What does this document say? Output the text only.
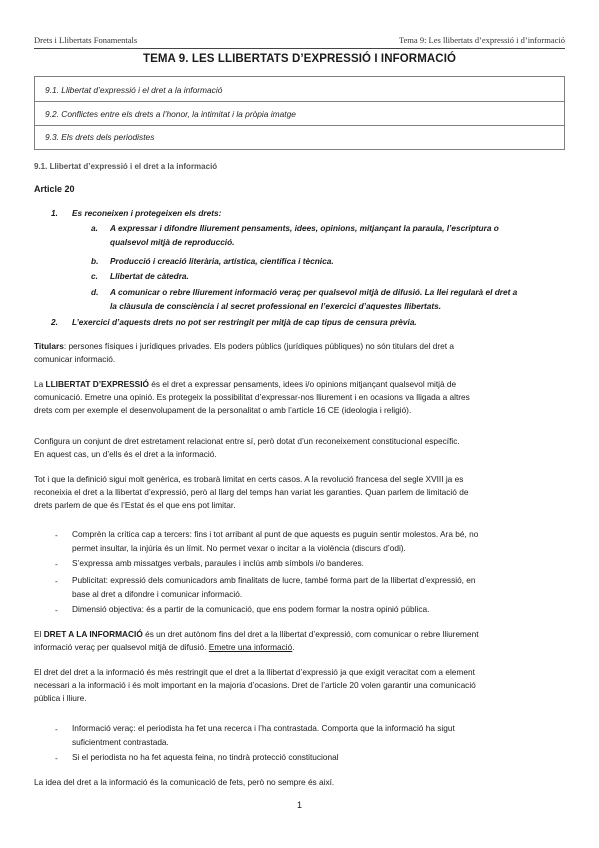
Drets i Llibertats Fonamentals	Tema 9: Les llibertats d’expressió i d’informació
TEMA 9. LES LLIBERTATS D’EXPRESSIÓ I INFORMACIÓ
9.1. Llibertat d’expressió i el dret a la informació
9.2. Conflictes entre els drets a l’honor, la intimitat i la pròpia imatge
9.3. Els drets dels periodistes
9.1. Llibertat d’expressió i el dret a la informació
Article 20
1. Es reconeixen i protegeixen els drets:
a. A expressar i difondre lliurement pensaments, idees, opinions, mitjançant la paraula, l’escriptura o
qualsevol mitjà de reproducció.
b. Producció i creació literària, artística, científica i tècnica.
c. Llibertat de càtedra.
d. A comunicar o rebre lliurement informació veraç per qualsevol mitjà de difusió. La llei regularà el dret a
la clàusula de consciència i al secret professional en l’exercici d’aquestes llibertats.
2. L’exercici d’aquests drets no pot ser restringit per mitjà de cap tipus de censura prèvia.
Titulars: persones físiques i jurídiques privades. Els poders públics (jurídiques públiques) no són titulars del dret a
comunicar informació.
La LLIBERTAT D’EXPRESSIÓ és el dret a expressar pensaments, idees i/o opinions mitjançant qualsevol mitjà de
comunicació. Emetre una opinió. Es protegeix la possibilitat d’expressar-nos lliurement i en ocasions va lligada a altres
drets com per exemple el desenvolupament de la personalitat o amb l’article 16 CE (ideologia i religió).
Configura un conjunt de dret estretament relacionat entre sí, però dotat d’un reconeixement constitucional específic.
En aquest cas, un d’ells és el dret a la informació.
Tot i que la definició sigui molt genèrica, es trobarà limitat en certs casos. A la revolució francesa del segle XVIII ja es
reconeixia el dret a la llibertat d’expressió, però al llarg del temps han variat les garanties. Quan parlem de limitació de
drets parlem de que és l’Estat és el que ens pot limitar.
- Comprèn la crítica cap a tercers: fins i tot arribant al punt de que aquests es puguin sentir molestos. Ara bé, no
permet insultar, la injúria és un límit. No permet vexar o incitar a la violència (discurs d’odi).
- S’expressa amb missatges verbals, paraules i inclús amb símbols i/o banderes.
- Publicitat: expressió dels comunicadors amb finalitats de lucre, també forma part de la llibertat d’expressió, en
base al dret a difondre i comunicar informació.
- Dimensió objectiva: és a partir de la comunicació, que ens podem formar la nostra opinió pública.
El DRET A LA INFORMACIÓ és un dret autònom fins del dret a la llibertat d’expressió, com comunicar o rebre lliurement
informació veraç per qualsevol mitjà de difusió. Emetre una informació.
El dret del dret a la informació és més restringit que el dret a la llibertat d’expressió ja que exigit veracitat com a element
necessari a la informació i és molt important en la majoria d’ocasions. Dret de l’article 20 volen garantir una comunicació
pública i lliure.
- Informació veraç: el periodista ha fet una recerca i l’ha contrastada. Comporta que la informació ha sigut
suficientment contrastada.
- Si el periodista no ha fet aquesta feina, no tindrà protecció constitucional
La idea del dret a la informació és la comunicació de fets, però no sempre és així.
1
